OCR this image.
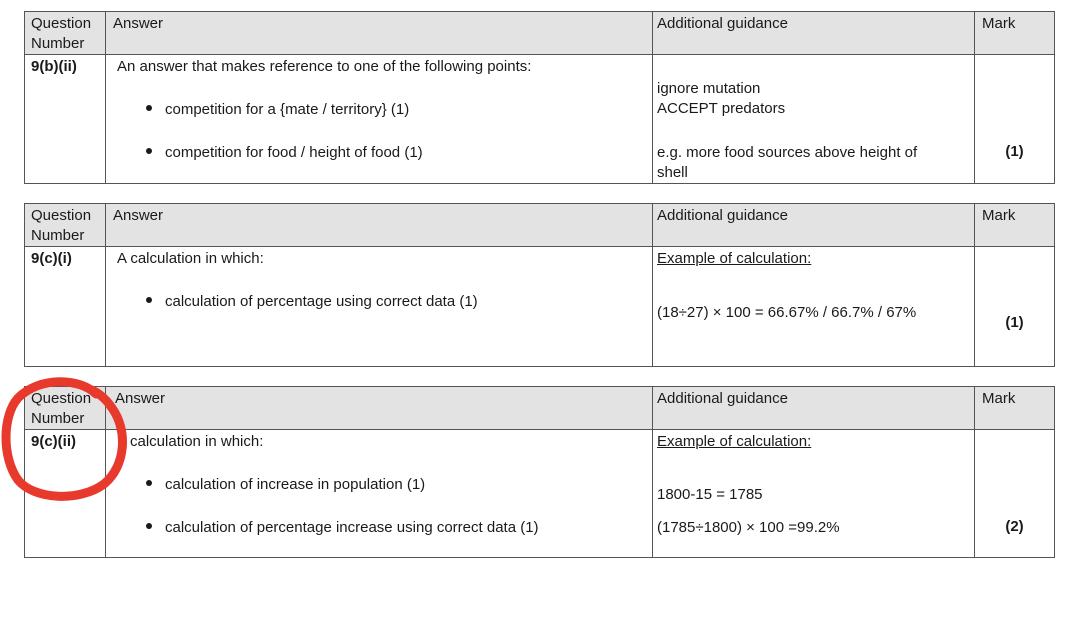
Question Number	Answer	Additional guidance	Mark

9(b)(ii)	An answer that makes reference to one of the following points:
competition for a {mate / territory} (1)
competition for food / height of food (1)	ignore mutation
ACCEPT predators
e.g. more food sources above height of
shell	(1)
Question Number	Answer	Additional guidance	Mark

9(c)(i)	A calculation in which:
calculation of percentage using correct data (1)	Example of calculation:
(18÷27) × 100 = 66.67% / 66.7% / 67%	(1)
Question Number	Answer	Additional guidance	Mark

9(c)(ii)	calculation in which:
calculation of increase in population (1)
calculation of percentage increase using correct data (1)	Example of calculation:
1800-15 = 1785
(1785÷1800) × 100 =99.2%	(2)
